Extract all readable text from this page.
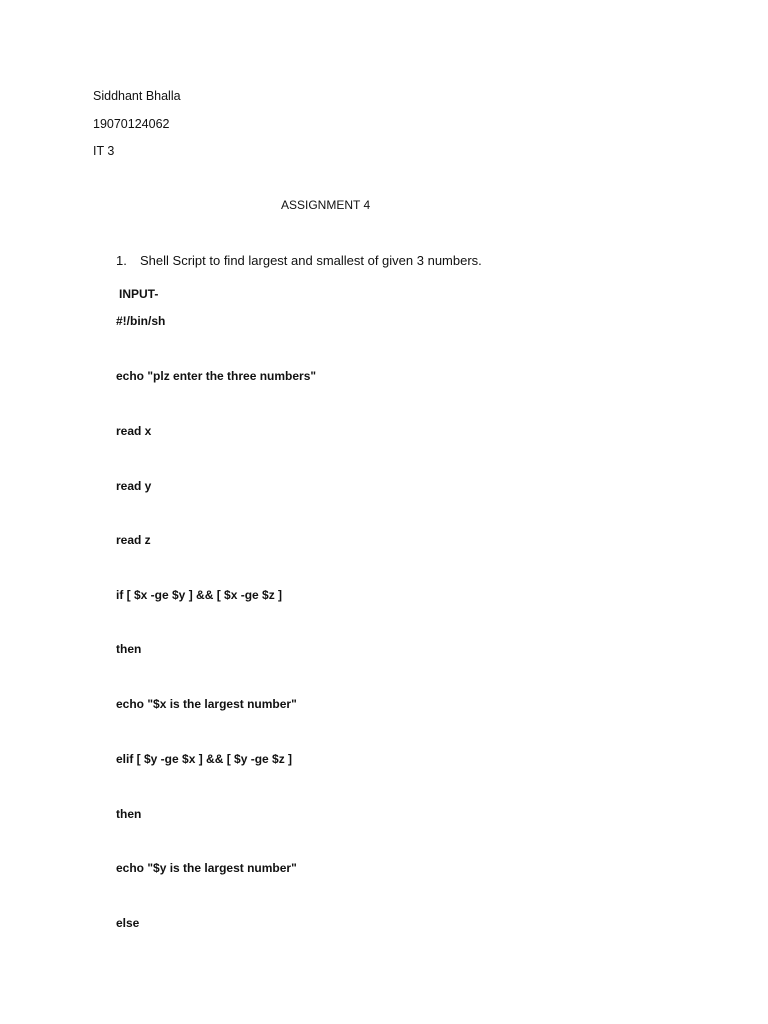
Siddhant Bhalla
19070124062
IT 3
ASSIGNMENT 4
1. Shell Script to find largest and smallest of given 3 numbers.
INPUT-
#!/bin/sh
echo "plz enter the three numbers"
read x
read y
read z
if [ $x -ge $y ] && [ $x -ge $z ]
then
echo "$x is the largest number"
elif [ $y -ge $x ] && [ $y -ge $z ]
then
echo "$y is the largest number"
else
